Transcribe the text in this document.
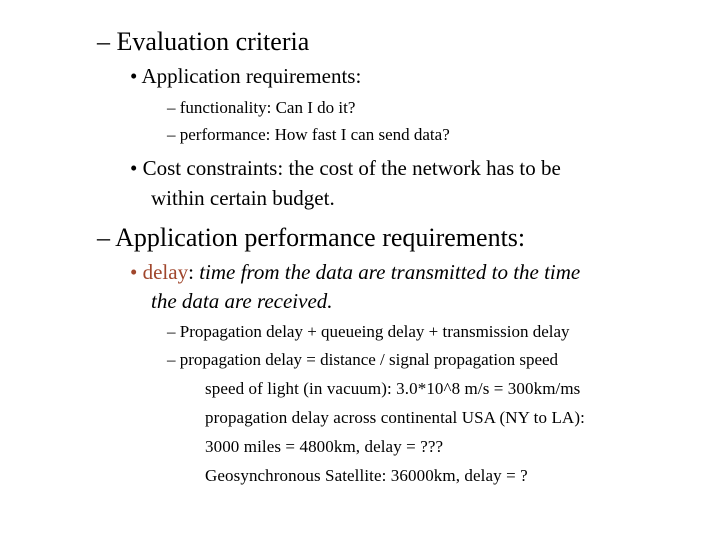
– Evaluation criteria
• Application requirements:
– functionality: Can I do it?
– performance: How fast I can send data?
• Cost constraints: the cost of the network has to be
within certain budget.
– Application performance requirements:
• delay: time from the data are transmitted to the time
the data are received.
– Propagation delay + queueing delay + transmission delay
– propagation delay = distance / signal propagation speed
speed of light (in vacuum): 3.0*10^8 m/s = 300km/ms
propagation delay across continental USA (NY to LA):
3000 miles = 4800km, delay = ???
Geosynchronous Satellite: 36000km, delay = ?
